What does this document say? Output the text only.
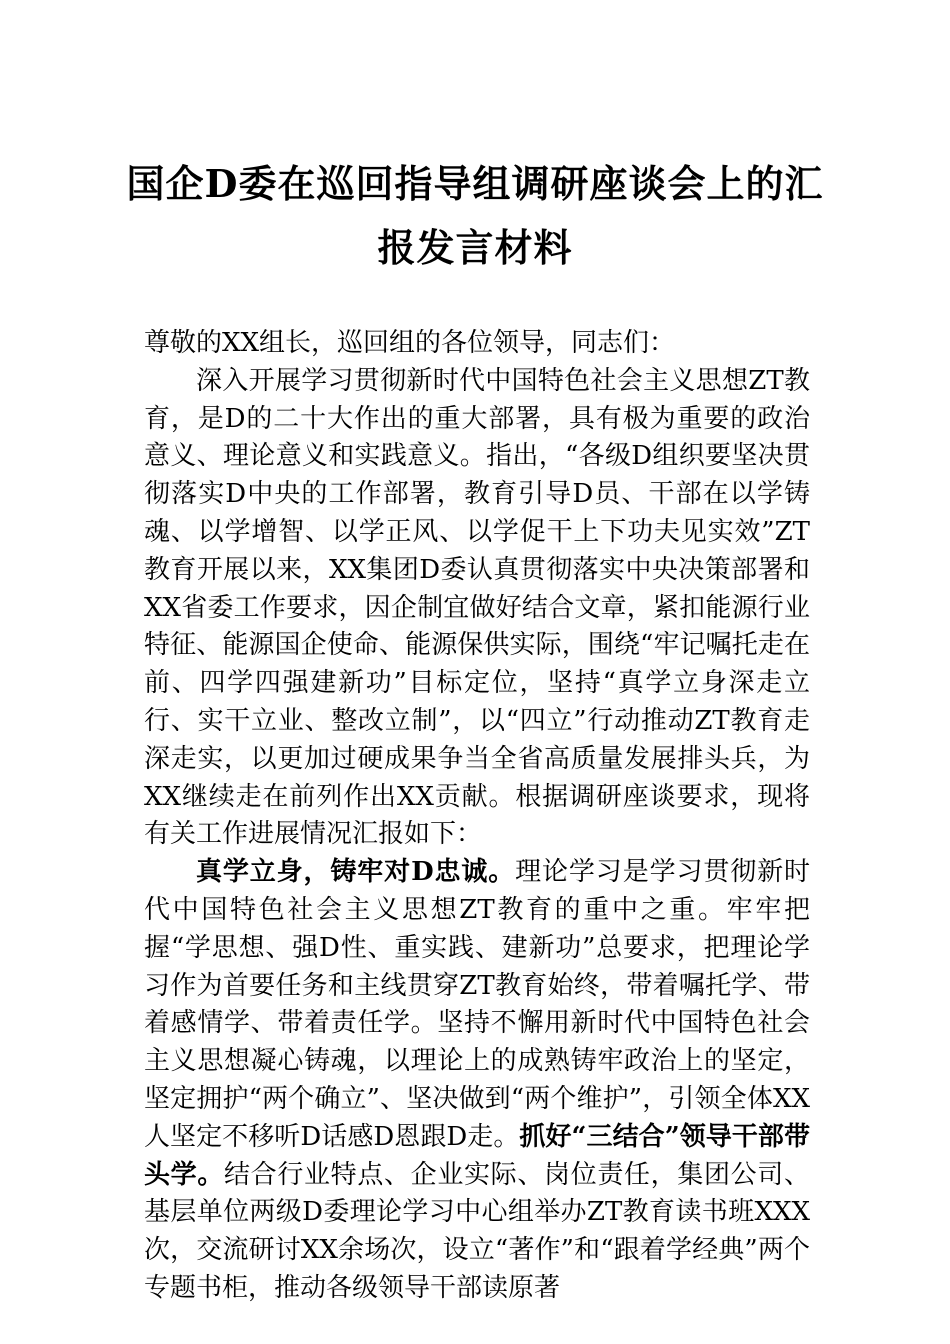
国企D委在巡回指导组调研座谈会上的汇
报发言材料

尊敬的XX组长，巡回组的各位领导，同志们：

深入开展学习贯彻新时代中国特色社会主义思想ZT教育，是D的二十大作出的重大部署，具有极为重要的政治意义、理论意义和实践意义。指出，“各级D组织要坚决贯彻落实D中央的工作部署，教育引导D员、干部在以学铸魂、以学增智、以学正风、以学促干上下功夫见实效”ZT教育开展以来，XX集团D委认真贯彻落实中央决策部署和XX省委工作要求，因企制宜做好结合文章，紧扣能源行业特征、能源国企使命、能源保供实际，围绕“牢记嘱托走在前、四学四强建新功”目标定位，坚持“真学立身深走立行、实干立业、整改立制”，以“四立”行动推动ZT教育走深走实，以更加过硬成果争当全省高质量发展排头兵，为XX继续走在前列作出XX贡献。根据调研座谈要求，现将有关工作进展情况汇报如下：

真学立身，铸牢对D忠诚。理论学习是学习贯彻新时代中国特色社会主义思想ZT教育的重中之重。牢牢把握“学思想、强D性、重实践、建新功”总要求，把理论学习作为首要任务和主线贯穿ZT教育始终，带着嘱托学、带着感情学、带着责任学。坚持不懈用新时代中国特色社会主义思想凝心铸魂，以理论上的成熟铸牢政治上的坚定，坚定拥护“两个确立”、坚决做到“两个维护”，引领全体XX人坚定不移听D话感D恩跟D走。抓好“三结合”领导干部带头学。结合行业特点、企业实际、岗位责任，集团公司、基层单位两级D委理论学习中心组举办ZT教育读书班XXX次，交流研讨XX余场次，设立“著作”和“跟着学经典”两个专题书柜，推动各级领导干部读原著
